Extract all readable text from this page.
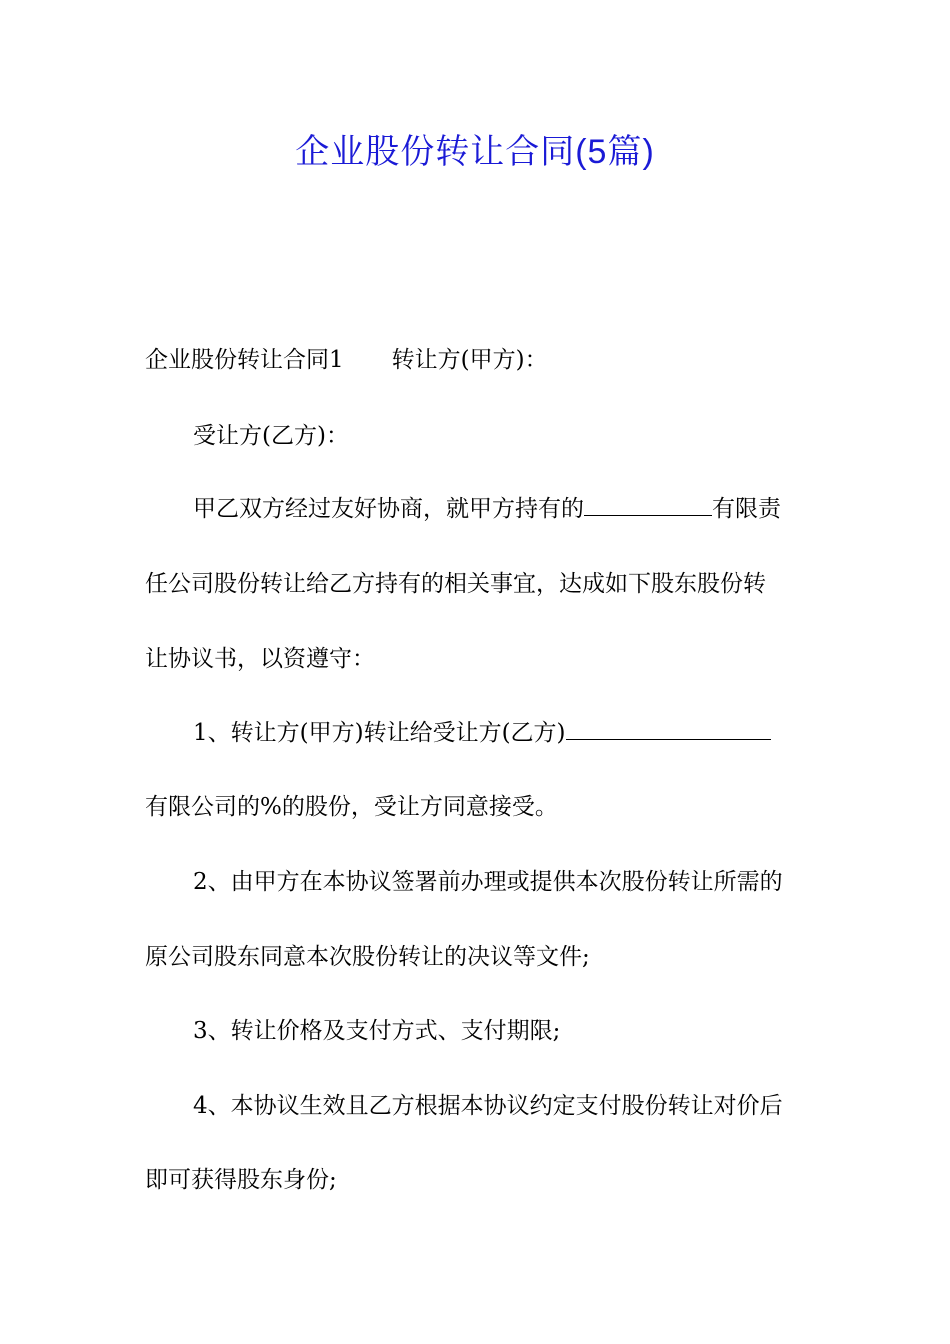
企业股份转让合同(5篇)
企业股份转让合同1 转让方(甲方)：
受让方(乙方)：
甲乙双方经过友好协商，就甲方持有的	有限责
任公司股份转让给乙方持有的相关事宜，达成如下股东股份转
让协议书，以资遵守：
1、转让方(甲方)转让给受让方(乙方)
有限公司的%的股份，受让方同意接受。
2、由甲方在本协议签署前办理或提供本次股份转让所需的
原公司股东同意本次股份转让的决议等文件;
3、转让价格及支付方式、支付期限;
4、本协议生效且乙方根据本协议约定支付股份转让对价后
即可获得股东身份;
